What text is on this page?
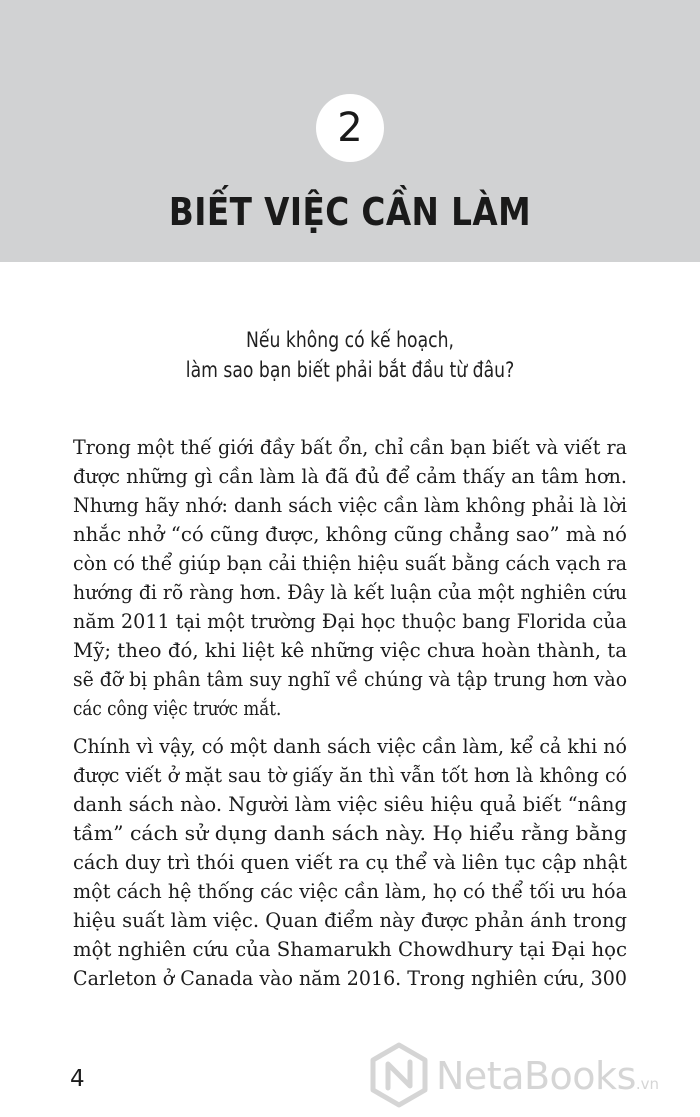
2
BIẾT VIỆC CẦN LÀM
Nếu không có kế hoạch,
làm sao bạn biết phải bắt đầu từ đâu?
Trong một thế giới đầy bất ổn, chỉ cần bạn biết và viết ra
được những gì cần làm là đã đủ để cảm thấy an tâm hơn.
Nhưng hãy nhớ: danh sách việc cần làm không phải là lời
nhắc nhở “có cũng được, không cũng chẳng sao” mà nó
còn có thể giúp bạn cải thiện hiệu suất bằng cách vạch ra
hướng đi rõ ràng hơn. Đây là kết luận của một nghiên cứu
năm 2011 tại một trường Đại học thuộc bang Florida của
Mỹ; theo đó, khi liệt kê những việc chưa hoàn thành, ta
sẽ đỡ bị phân tâm suy nghĩ về chúng và tập trung hơn vào
các công việc trước mắt.
Chính vì vậy, có một danh sách việc cần làm, kể cả khi nó
được viết ở mặt sau tờ giấy ăn thì vẫn tốt hơn là không có
danh sách nào. Người làm việc siêu hiệu quả biết “nâng
tầm” cách sử dụng danh sách này. Họ hiểu rằng bằng
cách duy trì thói quen viết ra cụ thể và liên tục cập nhật
một cách hệ thống các việc cần làm, họ có thể tối ưu hóa
hiệu suất làm việc. Quan điểm này được phản ánh trong
một nghiên cứu của Shamarukh Chowdhury tại Đại học
Carleton ở Canada vào năm 2016. Trong nghiên cứu, 300
4	NetaBooks.vn
